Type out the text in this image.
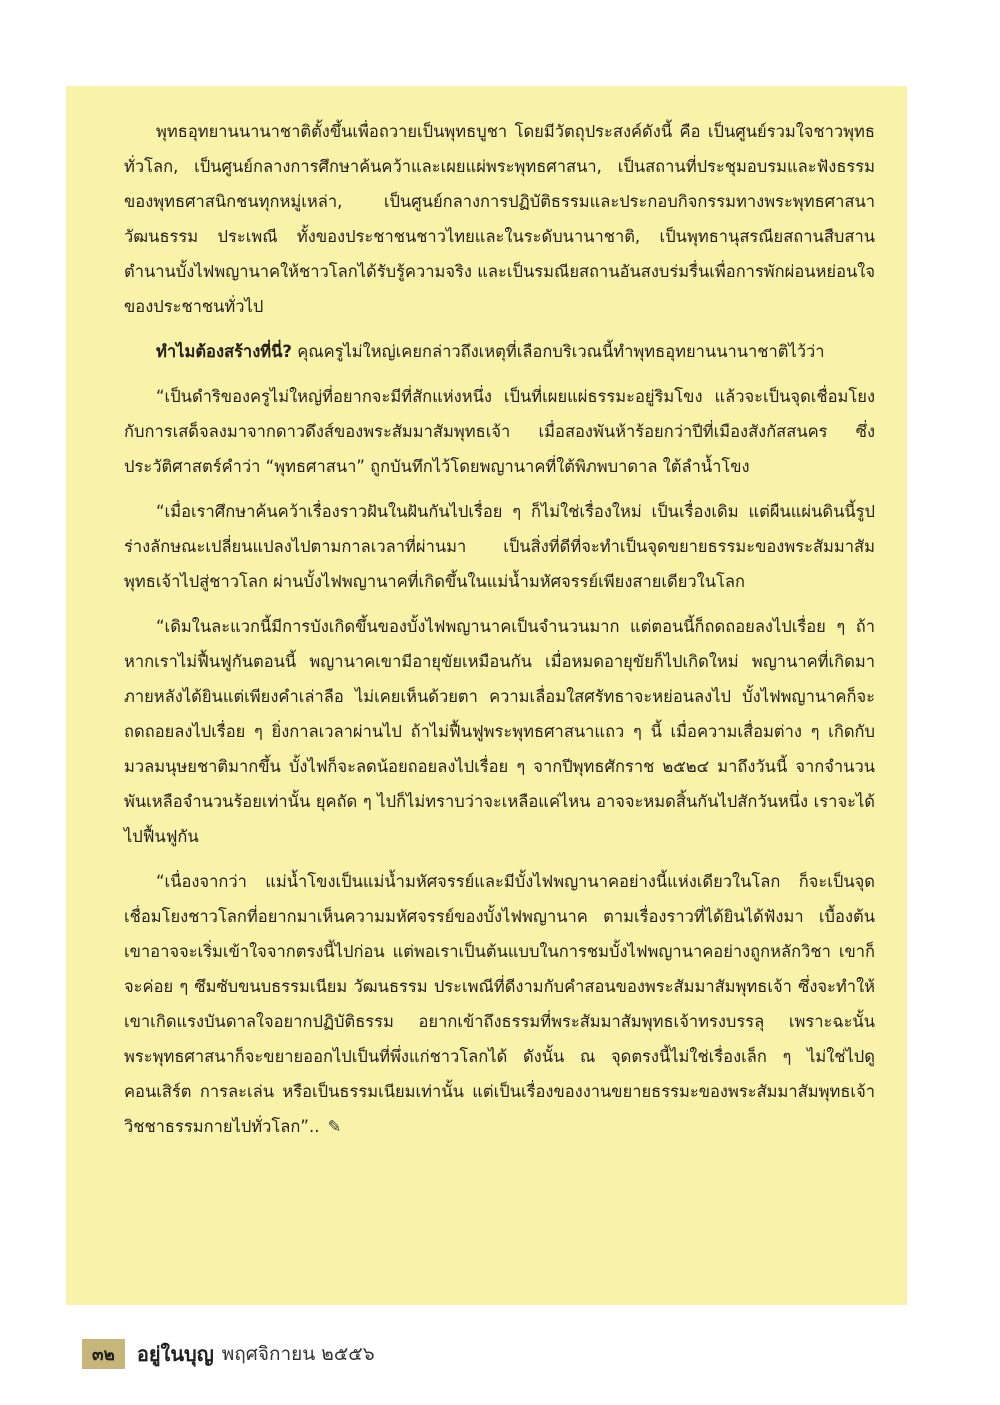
พุทธอุทยานนานาชาติตั้งขึ้นเพื่อถวายเป็นพุทธบูชา โดยมีวัตถุประสงค์ดังนี้ คือ เป็นศูนย์รวมใจชาวพุทธทั่วโลก, เป็นศูนย์กลางการศึกษาค้นคว้าและเผยแผ่พระพุทธศาสนา, เป็นสถานที่ประชุมอบรมและฟังธรรมของพุทธศาสนิกชนทุกหมู่เหล่า, เป็นศูนย์กลางการปฏิบัติธรรมและประกอบกิจกรรมทางพระพุทธศาสนา วัฒนธรรม ประเพณี ทั้งของประชาชนชาวไทยและในระดับนานาชาติ, เป็นพุทธานุสรณียสถานสืบสานตำนานบั้งไฟพญานาคให้ชาวโลกได้รับรู้ความจริง และเป็นรมณียสถานอันสงบร่มรื่นเพื่อการพักผ่อนหย่อนใจของประชาชนทั่วไป

ทำไมต้องสร้างที่นี่? คุณครูไม่ใหญ่เคยกล่าวถึงเหตุที่เลือกบริเวณนี้ทำพุทธอุทยานนานาชาติไว้ว่า

“เป็นดำริของครูไม่ใหญ่ที่อยากจะมีที่สักแห่งหนึ่ง เป็นที่เผยแผ่ธรรมะอยู่ริมโขง แล้วจะเป็นจุดเชื่อมโยงกับการเสด็จลงมาจากดาวดึงส์ของพระสัมมาสัมพุทธเจ้า เมื่อสองพันห้าร้อยกว่าปีที่เมืองสังกัสสนคร ซึ่งประวัติศาสตร์คำว่า “พุทธศาสนา” ถูกบันทึกไว้โดยพญานาคที่ใต้พิภพบาดาล ใต้ลำน้ำโขง

“เมื่อเราศึกษาค้นคว้าเรื่องราวฝันในฝันกันไปเรื่อย ๆ ก็ไม่ใช่เรื่องใหม่ เป็นเรื่องเดิม แต่ผืนแผ่นดินนี้รูปร่างลักษณะเปลี่ยนแปลงไปตามกาลเวลาที่ผ่านมา เป็นสิ่งที่ดีที่จะทำเป็นจุดขยายธรรมะของพระสัมมาสัมพุทธเจ้าไปสู่ชาวโลก ผ่านบั้งไฟพญานาคที่เกิดขึ้นในแม่น้ำมหัศจรรย์เพียงสายเดียวในโลก

“เดิมในละแวกนี้มีการบังเกิดขึ้นของบั้งไฟพญานาคเป็นจำนวนมาก แต่ตอนนี้ก็ถดถอยลงไปเรื่อย ๆ ถ้าหากเราไม่ฟื้นฟูกันตอนนี้ พญานาคเขามีอายุขัยเหมือนกัน เมื่อหมดอายุขัยก็ไปเกิดใหม่ พญานาคที่เกิดมาภายหลังได้ยินแต่เพียงคำเล่าลือ ไม่เคยเห็นด้วยตา ความเลื่อมใสศรัทธาจะหย่อนลงไป บั้งไฟพญานาคก็จะถดถอยลงไปเรื่อย ๆ ยิ่งกาลเวลาผ่านไป ถ้าไม่ฟื้นฟูพระพุทธศาสนาแถว ๆ นี้ เมื่อความเสื่อมต่าง ๆ เกิดกับมวลมนุษยชาติมากขึ้น บั้งไฟก็จะลดน้อยถอยลงไปเรื่อย ๆ จากปีพุทธศักราช ๒๕๒๔ มาถึงวันนี้ จากจำนวนพันเหลือจำนวนร้อยเท่านั้น ยุคถัด ๆ ไปก็ไม่ทราบว่าจะเหลือแค่ไหน อาจจะหมดสิ้นกันไปสักวันหนึ่ง เราจะได้ไปฟื้นฟูกัน

“เนื่องจากว่า แม่น้ำโขงเป็นแม่น้ำมหัศจรรย์และมีบั้งไฟพญานาคอย่างนี้แห่งเดียวในโลก ก็จะเป็นจุดเชื่อมโยงชาวโลกที่อยากมาเห็นความมหัศจรรย์ของบั้งไฟพญานาค ตามเรื่องราวที่ได้ยินได้ฟังมา เบื้องต้นเขาอาจจะเริ่มเข้าใจจากตรงนี้ไปก่อน แต่พอเราเป็นต้นแบบในการชมบั้งไฟพญานาคอย่างถูกหลักวิชา เขาก็จะค่อย ๆ ซึมซับขนบธรรมเนียม วัฒนธรรม ประเพณีที่ดีงามกับคำสอนของพระสัมมาสัมพุทธเจ้า ซึ่งจะทำให้เขาเกิดแรงบันดาลใจอยากปฏิบัติธรรม อยากเข้าถึงธรรมที่พระสัมมาสัมพุทธเจ้าทรงบรรลุ เพราะฉะนั้นพระพุทธศาสนาก็จะขยายออกไปเป็นที่พึ่งแก่ชาวโลกได้ ดังนั้น ณ จุดตรงนี้ไม่ใช่เรื่องเล็ก ๆ ไม่ใช่ไปดูคอนเสิร์ต การละเล่น หรือเป็นธรรมเนียมเท่านั้น แต่เป็นเรื่องของงานขยายธรรมะของพระสัมมาสัมพุทธเจ้า วิชชาธรรมกายไปทั่วโลก”.. ✎

๓๒	อยู่ในบุญ พฤศจิกายน ๒๕๕๖
